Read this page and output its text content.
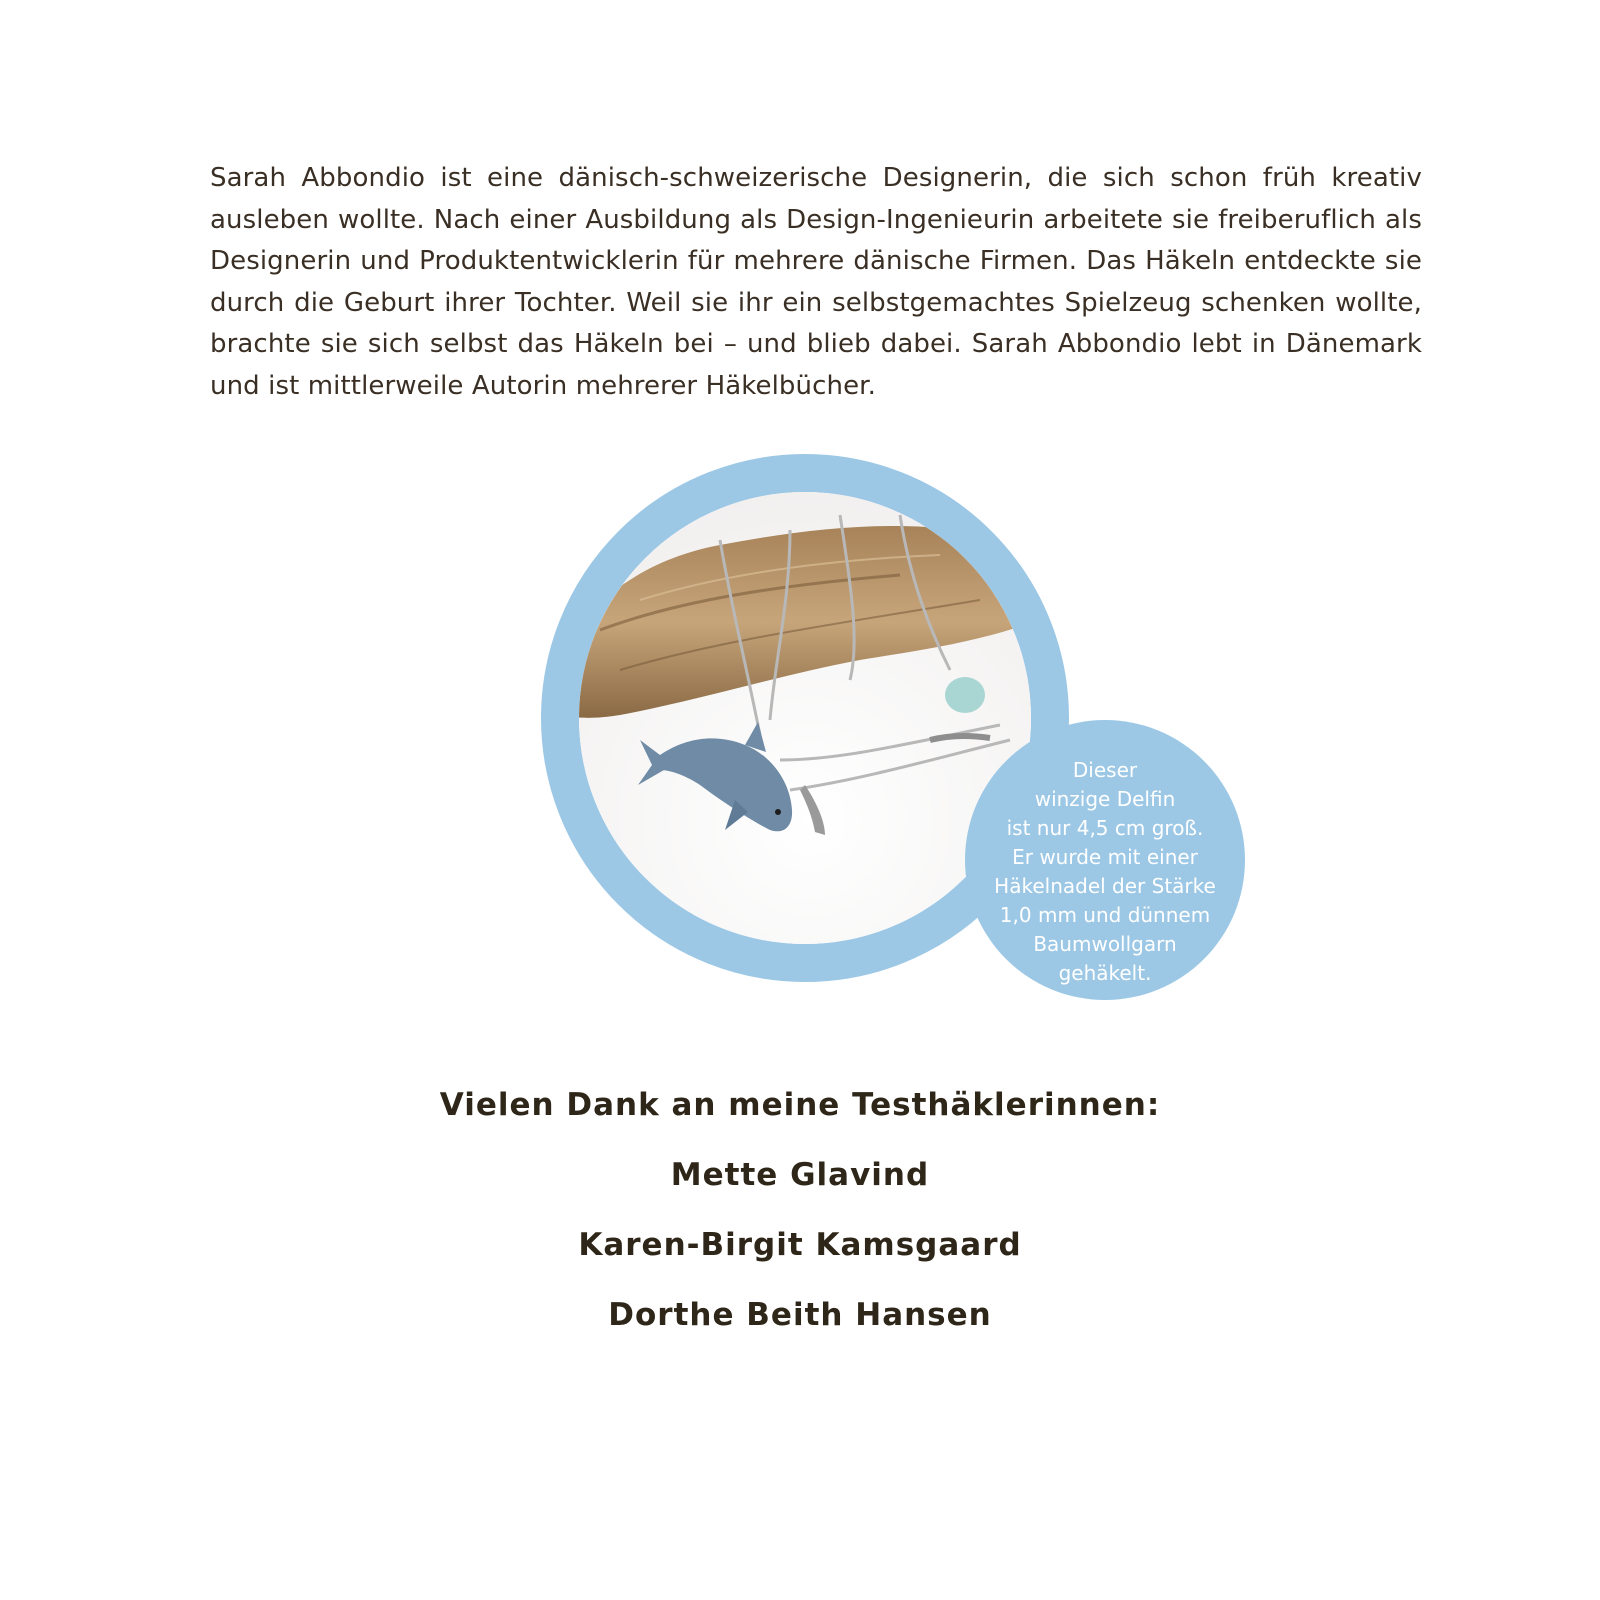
Sarah Abbondio ist eine dänisch-schweizerische Designerin, die sich schon früh kreativ ausleben wollte. Nach einer Ausbildung als Design-Ingenieurin arbeitete sie freiberuflich als Designerin und Produktentwicklerin für mehrere dänische Firmen. Das Häkeln entdeckte sie durch die Geburt ihrer Tochter. Weil sie ihr ein selbstgemachtes Spielzeug schenken wollte, brachte sie sich selbst das Häkeln bei – und blieb dabei. Sarah Abbondio lebt in Dänemark und ist mittlerweile Autorin mehrerer Häkelbücher.

Dieser
winzige Delfin
ist nur 4,5 cm groß.
Er wurde mit einer
Häkelnadel der Stärke
1,0 mm und dünnem
Baumwollgarn
gehäkelt.

Vielen Dank an meine Testhäklerinnen:

Mette Glavind

Karen-Birgit Kamsgaard

Dorthe Beith Hansen
